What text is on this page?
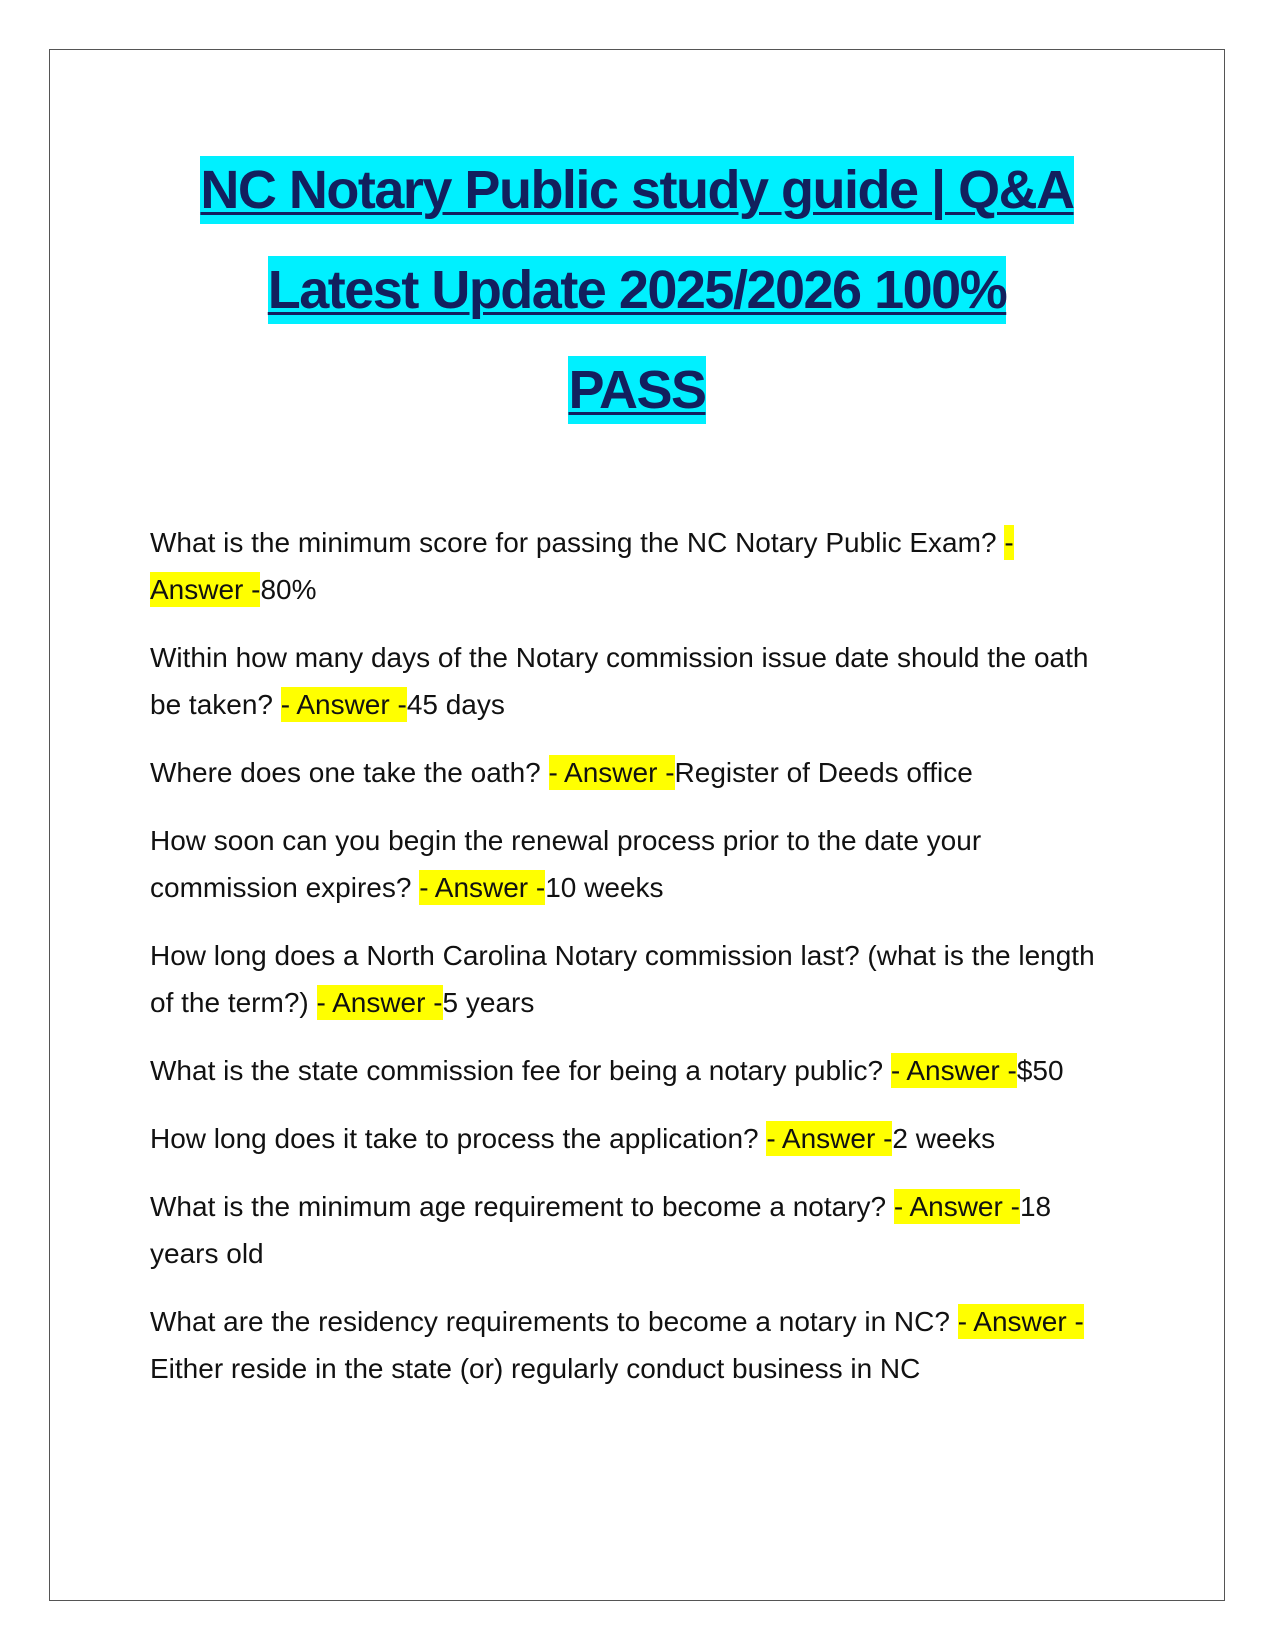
NC Notary Public study guide | Q&A
Latest Update 2025/2026 100%
PASS

What is the minimum score for passing the NC Notary Public Exam? - Answer -80%

Within how many days of the Notary commission issue date should the oath be taken? - Answer -45 days

Where does one take the oath? - Answer -Register of Deeds office

How soon can you begin the renewal process prior to the date your commission expires? - Answer -10 weeks

How long does a North Carolina Notary commission last? (what is the length of the term?) - Answer -5 years

What is the state commission fee for being a notary public? - Answer -$50

How long does it take to process the application? - Answer -2 weeks

What is the minimum age requirement to become a notary? - Answer -18 years old

What are the residency requirements to become a notary in NC? - Answer -Either reside in the state (or) regularly conduct business in NC
